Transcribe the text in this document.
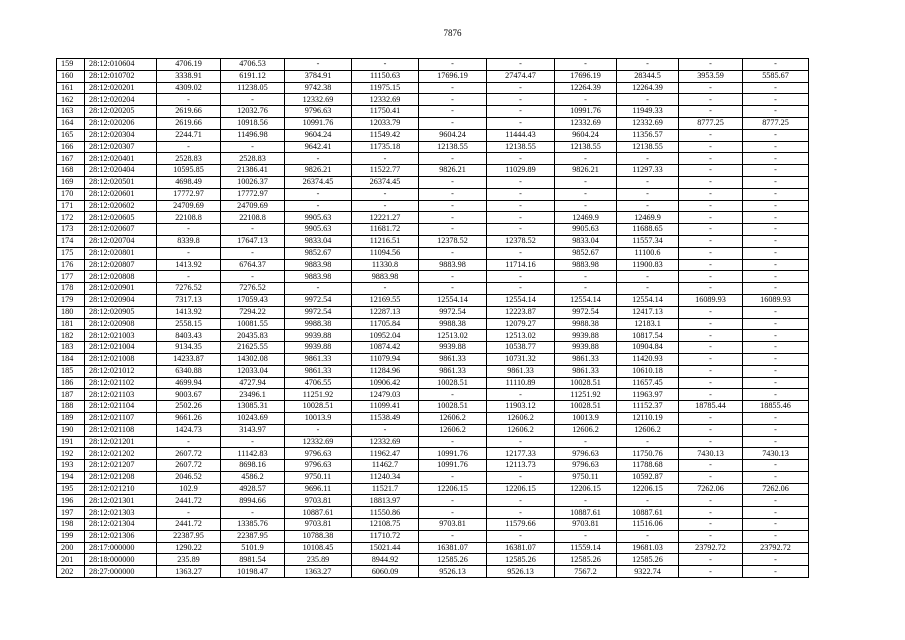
7876
159	28:12:010604	4706.19	4706.53	-	-	-	-	-	-	-	-
160	28:12:010702	3338.91	6191.12	3784.91	11150.63	17696.19	27474.47	17696.19	28344.5	3953.59	5585.67
161	28:12:020201	4309.02	11238.05	9742.38	11975.15	-	-	12264.39	12264.39	-	-
162	28:12:020204	-	-	12332.69	12332.69	-	-	-	-	-	-
163	28:12:020205	2619.66	12032.76	9796.63	11750.41	-	-	10991.76	11949.33	-	-
164	28:12:020206	2619.66	10918.56	10991.76	12033.79	-	-	12332.69	12332.69	8777.25	8777.25
165	28:12:020304	2244.71	11496.98	9604.24	11549.42	9604.24	11444.43	9604.24	11356.57	-	-
166	28:12:020307	-	-	9642.41	11735.18	12138.55	12138.55	12138.55	12138.55	-	-
167	28:12:020401	2528.83	2528.83	-	-	-	-	-	-	-	-
168	28:12:020404	10595.85	21386.41	9826.21	11522.77	9826.21	11029.89	9826.21	11297.33	-	-
169	28:12:020501	4698.49	10026.37	26374.45	26374.45	-	-	-	-	-	-
170	28:12:020601	17772.97	17772.97	-	-	-	-	-	-	-	-
171	28:12:020602	24709.69	24709.69	-	-	-	-	-	-	-	-
172	28:12:020605	22108.8	22108.8	9905.63	12221.27	-	-	12469.9	12469.9	-	-
173	28:12:020607	-	-	9905.63	11681.72	-	-	9905.63	11688.65	-	-
174	28:12:020704	8339.8	17647.13	9833.04	11216.51	12378.52	12378.52	9833.04	11557.34	-	-
175	28:12:020801	-	-	9852.67	11094.56	-	-	9852.67	11100.6	-	-
176	28:12:020807	1413.92	6764.37	9883.98	11330.8	9883.98	11714.16	9883.98	11900.83	-	-
177	28:12:020808	-	-	9883.98	9883.98	-	-	-	-	-	-
178	28:12:020901	7276.52	7276.52	-	-	-	-	-	-	-	-
179	28:12:020904	7317.13	17059.43	9972.54	12169.55	12554.14	12554.14	12554.14	12554.14	16089.93	16089.93
180	28:12:020905	1413.92	7294.22	9972.54	12287.13	9972.54	12223.87	9972.54	12417.13	-	-
181	28:12:020908	2558.15	10081.55	9988.38	11705.84	9988.38	12079.27	9988.38	12183.1	-	-
182	28:12:021003	8403.43	20435.83	9939.88	10952.04	12513.02	12513.02	9939.88	10817.54	-	-
183	28:12:021004	9134.35	21625.55	9939.88	10874.42	9939.88	10538.77	9939.88	10904.84	-	-
184	28:12:021008	14233.87	14302.08	9861.33	11079.94	9861.33	10731.32	9861.33	11420.93	-	-
185	28:12:021012	6340.88	12033.04	9861.33	11284.96	9861.33	9861.33	9861.33	10610.18	-	-
186	28:12:021102	4699.94	4727.94	4706.55	10906.42	10028.51	11110.89	10028.51	11657.45	-	-
187	28:12:021103	9003.67	23496.1	11251.92	12479.03	-	-	11251.92	11963.97	-	-
188	28:12:021104	2502.26	13085.31	10028.51	11099.41	10028.51	11903.12	10028.51	11152.37	18785.44	18855.46
189	28:12:021107	9661.26	10243.69	10013.9	11538.49	12606.2	12606.2	10013.9	12110.19	-	-
190	28:12:021108	1424.73	3143.97	-	-	12606.2	12606.2	12606.2	12606.2	-	-
191	28:12:021201	-	-	12332.69	12332.69	-	-	-	-	-	-
192	28:12:021202	2607.72	11142.83	9796.63	11962.47	10991.76	12177.33	9796.63	11750.76	7430.13	7430.13
193	28:12:021207	2607.72	8698.16	9796.63	11462.7	10991.76	12113.73	9796.63	11788.68	-	-
194	28:12:021208	2046.52	4586.2	9750.11	11240.34	-	-	9750.11	10592.87	-	-
195	28:12:021210	102.9	4928.57	9696.11	11521.7	12206.15	12206.15	12206.15	12206.15	7262.06	7262.06
196	28:12:021301	2441.72	8994.66	9703.81	18813.97	-	-	-	-	-	-
197	28:12:021303	-	-	10887.61	11550.86	-	-	10887.61	10887.61	-	-
198	28:12:021304	2441.72	13385.76	9703.81	12108.75	9703.81	11579.66	9703.81	11516.06	-	-
199	28:12:021306	22387.95	22387.95	10788.38	11710.72	-	-	-	-	-	-
200	28:17:000000	1290.22	5101.9	10108.45	15021.44	16381.07	16381.07	11559.14	19681.03	23792.72	23792.72
201	28:18:000000	235.89	8981.54	235.89	8944.92	12585.26	12585.26	12585.26	12585.26	-	-
202	28:27:000000	1363.27	10198.47	1363.27	6060.09	9526.13	9526.13	7567.2	9322.74	-	-
